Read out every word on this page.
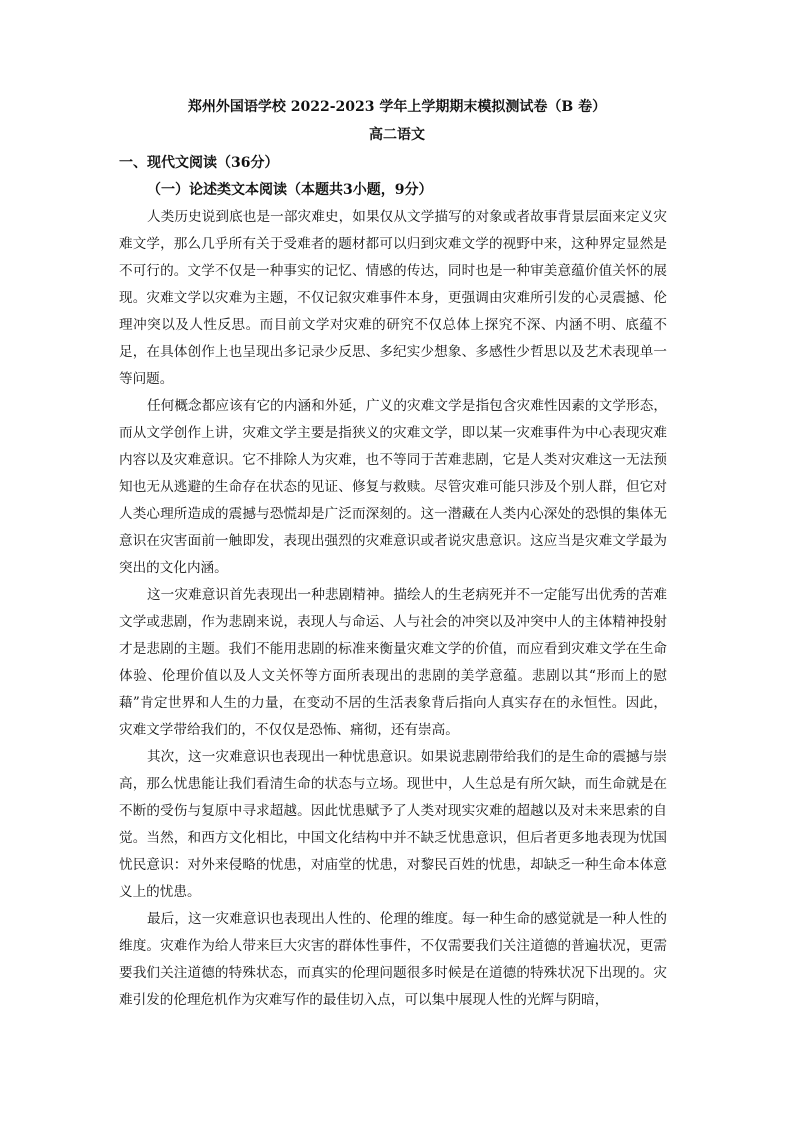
郑州外国语学校 2022-2023 学年上学期期末模拟测试卷（B 卷）
高二语文
一、现代文阅读（36分）
（一）论述类文本阅读（本题共3小题，9分）

人类历史说到底也是一部灾难史，如果仅从文学描写的对象或者故事背景层面来定义灾难文学，那么几乎所有关于受难者的题材都可以归到灾难文学的视野中来，这种界定显然是不可行的。文学不仅是一种事实的记忆、情感的传达，同时也是一种审美意蕴价值关怀的展现。灾难文学以灾难为主题，不仅记叙灾难事件本身，更强调由灾难所引发的心灵震撼、伦理冲突以及人性反思。而目前文学对灾难的研究不仅总体上探究不深、内涵不明、底蕴不足，在具体创作上也呈现出多记录少反思、多纪实少想象、多感性少哲思以及艺术表现单一等问题。

任何概念都应该有它的内涵和外延，广义的灾难文学是指包含灾难性因素的文学形态，而从文学创作上讲，灾难文学主要是指狭义的灾难文学，即以某一灾难事件为中心表现灾难内容以及灾难意识。它不排除人为灾难，也不等同于苦难悲剧，它是人类对灾难这一无法预知也无从逃避的生命存在状态的见证、修复与救赎。尽管灾难可能只涉及个别人群，但它对人类心理所造成的震撼与恐慌却是广泛而深刻的。这一潜藏在人类内心深处的恐惧的集体无意识在灾害面前一触即发，表现出强烈的灾难意识或者说灾患意识。这应当是灾难文学最为突出的文化内涵。

这一灾难意识首先表现出一种悲剧精神。描绘人的生老病死并不一定能写出优秀的苦难文学或悲剧，作为悲剧来说，表现人与命运、人与社会的冲突以及冲突中人的主体精神投射才是悲剧的主题。我们不能用悲剧的标准来衡量灾难文学的价值，而应看到灾难文学在生命体验、伦理价值以及人文关怀等方面所表现出的悲剧的美学意蕴。悲剧以其“形而上的慰藉”肯定世界和人生的力量，在变动不居的生活表象背后指向人真实存在的永恒性。因此，灾难文学带给我们的，不仅仅是恐怖、痛彻，还有崇高。

其次，这一灾难意识也表现出一种忧患意识。如果说悲剧带给我们的是生命的震撼与崇高，那么忧患能让我们看清生命的状态与立场。现世中，人生总是有所欠缺，而生命就是在不断的受伤与复原中寻求超越。因此忧患赋予了人类对现实灾难的超越以及对未来思索的自觉。当然，和西方文化相比，中国文化结构中并不缺乏忧患意识，但后者更多地表现为忧国忧民意识：对外来侵略的忧患，对庙堂的忧患，对黎民百姓的忧患，却缺乏一种生命本体意义上的忧患。

最后，这一灾难意识也表现出人性的、伦理的维度。每一种生命的感觉就是一种人性的维度。灾难作为给人带来巨大灾害的群体性事件，不仅需要我们关注道德的普遍状况，更需要我们关注道德的特殊状态，而真实的伦理问题很多时候是在道德的特殊状况下出现的。灾难引发的伦理危机作为灾难写作的最佳切入点，可以集中展现人性的光辉与阴暗，
